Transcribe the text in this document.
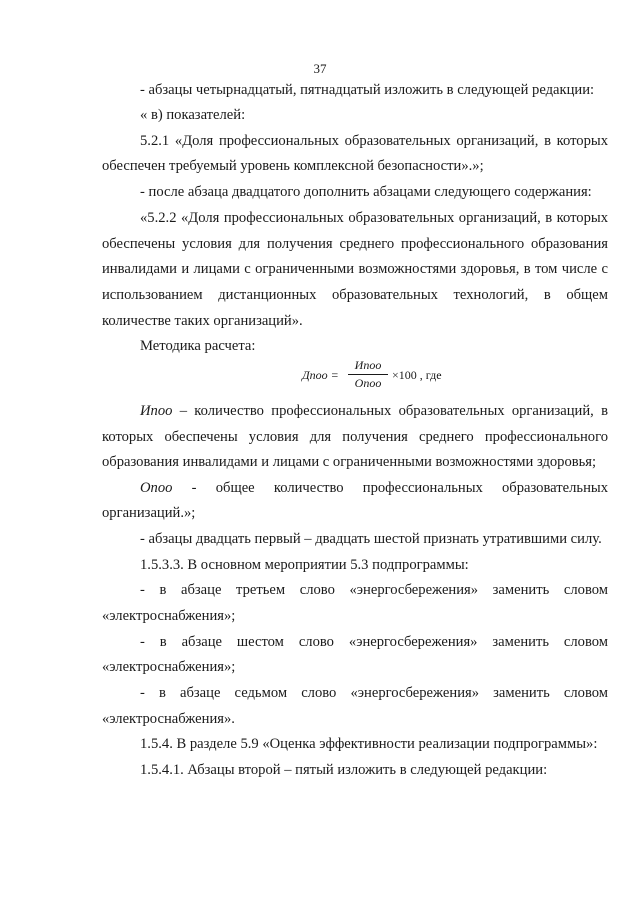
37
- абзацы четырнадцатый, пятнадцатый изложить в следующей редакции:
« в) показателей:
5.2.1 «Доля профессиональных образовательных организаций, в которых
обеспечен требуемый уровень комплексной безопасности».»;
- после абзаца двадцатого дополнить абзацами следующего содержания:
«5.2.2 «Доля профессиональных образовательных организаций, в которых
обеспечены условия для получения среднего профессионального образования
инвалидами и лицами с ограниченными возможностями здоровья, в том числе с
использованием дистанционных образовательных технологий, в общем
количестве таких организаций».
Методика расчета:
Дпоо =
Ипоо
Опоо
×100 , где
Ипоо – количество профессиональных образовательных организаций, в
которых обеспечены условия для получения среднего профессионального
образования инвалидами и лицами с ограниченными возможностями здоровья;
Опоо - общее количество профессиональных образовательных
организаций.»;
- абзацы двадцать первый – двадцать шестой признать утратившими силу.
1.5.3.3. В основном мероприятии 5.3 подпрограммы:
- в абзаце третьем слово «энергосбережения» заменить словом
«электроснабжения»;
- в абзаце шестом слово «энергосбережения» заменить словом
«электроснабжения»;
- в абзаце седьмом слово «энергосбережения» заменить словом
«электроснабжения».
1.5.4. В разделе 5.9 «Оценка эффективности реализации подпрограммы»:
1.5.4.1. Абзацы второй – пятый изложить в следующей редакции:
